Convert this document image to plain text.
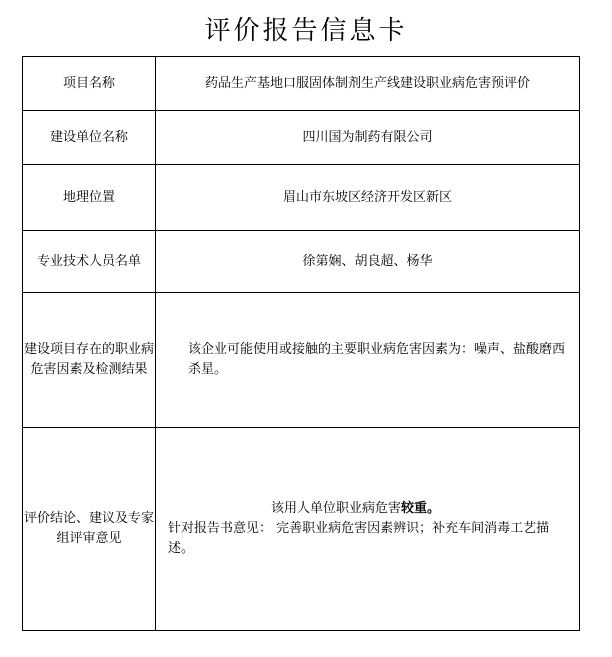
评价报告信息卡
项目名称	药品生产基地口服固体制剂生产线建设职业病危害预评价
建设单位名称	四川国为制药有限公司
地理位置	眉山市东坡区经济开发区新区
专业技术人员名单	徐第娴、胡良超、杨华
建设项目存在的职业病危害因素及检测结果	该企业可能使用或接触的主要职业病危害因素为：噪声、盐酸磨西杀星。

评价结论、建议及专家组评审意见	该用人单位职业病危害较重。
针对报告书意见： 完善职业病危害因素辨识；补充车间消毒工艺描述。
